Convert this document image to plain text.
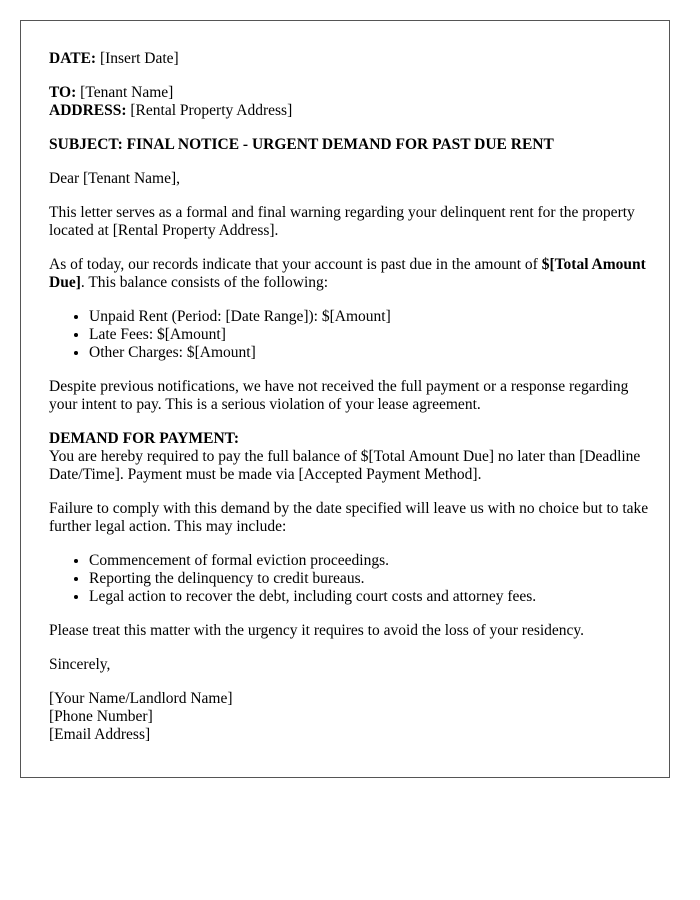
DATE: [Insert Date]
TO: [Tenant Name]
ADDRESS: [Rental Property Address]
SUBJECT: FINAL NOTICE - URGENT DEMAND FOR PAST DUE RENT

Dear [Tenant Name],

This letter serves as a formal and final warning regarding your delinquent rent for the property located at [Rental Property Address].

As of today, our records indicate that your account is past due in the amount of $[Total Amount Due]. This balance consists of the following:

• Unpaid Rent (Period: [Date Range]): $[Amount]
• Late Fees: $[Amount]
• Other Charges: $[Amount]

Despite previous notifications, we have not received the full payment or a response regarding your intent to pay. This is a serious violation of your lease agreement.

DEMAND FOR PAYMENT:
You are hereby required to pay the full balance of $[Total Amount Due] no later than [Deadline Date/Time]. Payment must be made via [Accepted Payment Method].

Failure to comply with this demand by the date specified will leave us with no choice but to take further legal action. This may include:

• Commencement of formal eviction proceedings.
• Reporting the delinquency to credit bureaus.
• Legal action to recover the debt, including court costs and attorney fees.

Please treat this matter with the urgency it requires to avoid the loss of your residency.

Sincerely,

[Your Name/Landlord Name]
[Phone Number]
[Email Address]
